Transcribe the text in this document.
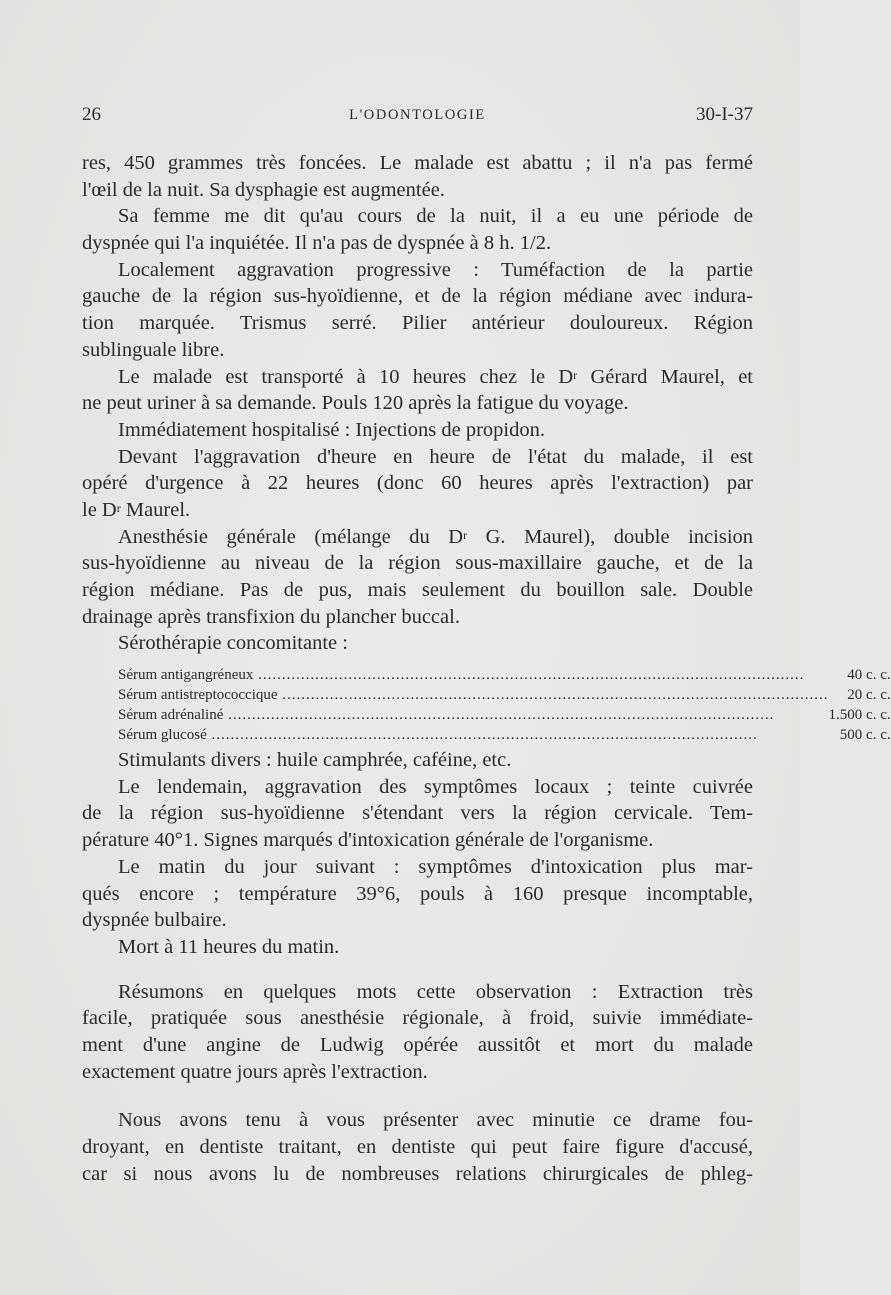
26	L'ODONTOLOGIE	30-I-37
res, 450 grammes très foncées. Le malade est abattu ; il n'a pas fermé
l'œil de la nuit. Sa dysphagie est augmentée.
Sa femme me dit qu'au cours de la nuit, il a eu une période de
dyspnée qui l'a inquiétée. Il n'a pas de dyspnée à 8 h. 1/2.
Localement aggravation progressive : Tuméfaction de la partie
gauche de la région sus-hyoïdienne, et de la région médiane avec indura-
tion marquée. Trismus serré. Pilier antérieur douloureux. Région
sublinguale libre.
Le malade est transporté à 10 heures chez le $D^r$ Gérard Maurel, et
ne peut uriner à sa demande. Pouls 120 après la fatigue du voyage.
Immédiatement hospitalisé : Injections de propidon.
Devant l'aggravation d'heure en heure de l'état du malade, il est
opéré d'urgence à 22 heures (donc 60 heures après l'extraction) par
le $D^r$ Maurel.
Anesthésie générale (mélange du $D^r$ G. Maurel), double incision
sus-hyoïdienne au niveau de la région sous-maxillaire gauche, et de la
région médiane. Pas de pus, mais seulement du bouillon sale. Double
drainage après transfixion du plancher buccal.
Sérothérapie concomitante :
Sérum antigangréneux .....	40 c. c.
Sérum antistreptococcique .....	20 c. c.
Sérum adrénaliné .....	1.500 c. c.
Sérum glucosé .....	500 c. c.
Stimulants divers : huile camphrée, caféine, etc.
Le lendemain, aggravation des symptômes locaux ; teinte cuivrée
de la région sus-hyoïdienne s'étendant vers la région cervicale. Tem-
pérature 40°1. Signes marqués d'intoxication générale de l'organisme.
Le matin du jour suivant : symptômes d'intoxication plus mar-
qués encore ; température 39°6, pouls à 160 presque incomptable,
dyspnée bulbaire.
Mort à 11 heures du matin.
Résumons en quelques mots cette observation : Extraction très
facile, pratiquée sous anesthésie régionale, à froid, suivie immédiate-
ment d'une angine de Ludwig opérée aussitôt et mort du malade
exactement quatre jours après l'extraction.
Nous avons tenu à vous présenter avec minutie ce drame fou-
droyant, en dentiste traitant, en dentiste qui peut faire figure d'accusé,
car si nous avons lu de nombreuses relations chirurgicales de phleg-
